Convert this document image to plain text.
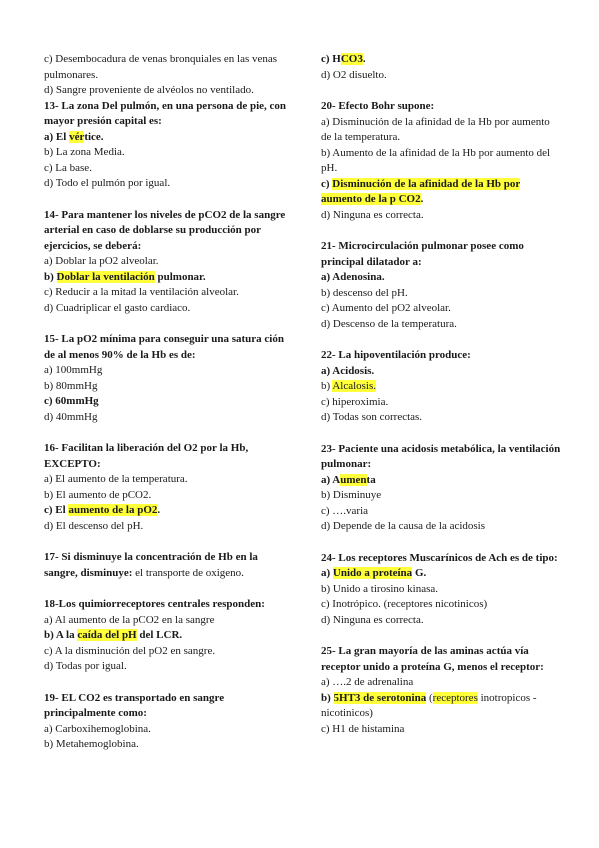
c) Desembocadura de venas bronquiales en las venas pulmonares.
d) Sangre proveniente de alvéolos no ventilado.
13- La zona Del pulmón, en una persona de pie, con mayor presión capital es:
a) El vértice.
b) La zona Media.
c) La base.
d) Todo el pulmón por igual.
14- Para mantener los niveles de pCO2 de la sangre arterial en caso de doblarse su producción por ejercicios, se deberá:
a) Doblar la pO2 alveolar.
b) Doblar la ventilación pulmonar.
c) Reducir a la mitad la ventilación alveolar.
d) Cuadriplicar el gasto cardiaco.
15- La pO2 mínima para conseguir una satura ción de al menos 90% de la Hb es de:
a) 100mmHg
b) 80mmHg
c) 60mmHg
d) 40mmHg
16- Facilitan la liberación del O2 por la Hb, EXCEPTO:
a) El aumento de la temperatura.
b) El aumento de pCO2.
c) El aumento de la pO2.
d) El descenso del pH.
17- Si disminuye la concentración de Hb en la sangre, disminuye: el transporte de oxigeno.
18-Los quimiorreceptores centrales responden:
a) Al aumento de la pCO2 en la sangre
b) A la caída del pH del LCR.
c) A la disminución del pO2 en sangre.
d) Todas por igual.
19- EL CO2 es transportado en sangre principalmente como:
a) Carboxihemoglobina.
b) Metahemoglobina.
c) HCO3.
d) O2 disuelto.
20- Efecto Bohr supone:
a) Disminución de la afinidad de la Hb por aumento de la temperatura.
b) Aumento de la afinidad de la Hb por aumento del pH.
c) Disminución de la afinidad de la Hb por aumento de la p CO2.
d) Ninguna es correcta.
21- Microcirculación pulmonar posee como principal dilatador a:
a) Adenosina.
b) descenso del pH.
c) Aumento del pO2 alveolar.
d) Descenso de la temperatura.
22- La hipoventilación produce:
a) Acidosis.
b) Alcalosis.
c) hiperoximia.
d) Todas son correctas.
23- Paciente una acidosis metabólica, la ventilación pulmonar:
a) Aumenta
b) Disminuye
c) ….varia
d) Depende de la causa de la acidosis
24- Los receptores Muscarínicos de Ach es de tipo:
a) Unido a proteína G.
b) Unido a tirosino kinasa.
c) Inotrópico. (receptores nicotinicos)
d) Ninguna es correcta.
25- La gran mayoría de las aminas actúa vía receptor unido a proteína G, menos el receptor:
a) ….2 de adrenalina
b) 5HT3 de serotonina (receptores inotropicos - nicotinicos)
c) H1 de histamina
